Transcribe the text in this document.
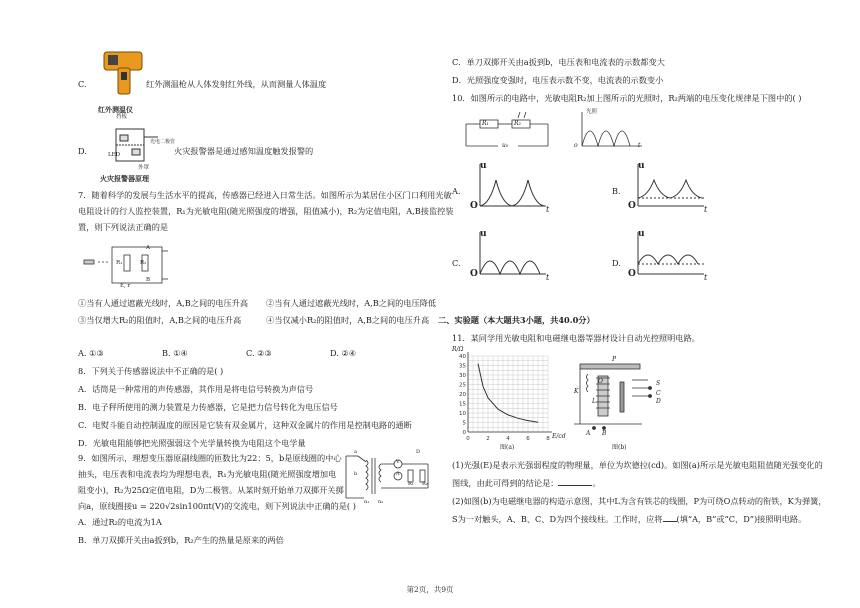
C.
红外测温仪
红外测温枪从人体发射红外线，从而测量人体温度
D.
挡板
LED
光电二极管
外罩
火灾报警器原理
火灾报警器是通过感知温度触发报警的
7．随着科学的发展与生活水平的提高，传感器已经进入日常生活。如图所示为某居住小区门口利用光敏
电阻设计的行人监控装置，R₁为光敏电阻(随光照强度的增强，阻值减小)，R₂为定值电阻，A,B接监控装
置，则下列说法正确的是
A
B
R₁	R₂
E, r
①当有人通过遮蔽光线时，A,B之间的电压升高 ②当有人通过遮蔽光线时，A,B之间的电压降低
③当仅增大R₂的阻值时，A,B之间的电压升高	④当仅减小R₂的阻值时，A,B之间的电压升高
A. ①③	B. ①④	C. ②③	D. ②④
8．下列关于传感器说法中不正确的是( )
A．话筒是一种常用的声传感器，其作用是将电信号转换为声信号
B．电子秤所使用的测力装置是力传感器，它是把力信号转化为电压信号
C．电熨斗能自动控制温度的原因是它装有双金属片，这种双金属片的作用是控制电路的通断
D．光敏电阻能够把光照强弱这个光学量转换为电阻这个电学量
9．如图所示，理想变压器原副线圈的匝数比为22：5，b是原线圈的中心
抽头，电压表和电流表均为理想电表，R₁为光敏电阻(随光照强度增加电
阻变小)，R₂为25Ω定值电阻，D为二极管。从某时刻开始单刀双掷开关掷
向a，原线圈接u = 220√2sin100πt(V)的交流电，则下列说法中正确的是( )
a
b
V
A
R₁ R₂
D
n₁ n₂
A．通过R₂的电流为1A
B．单刀双掷开关由a扳到b，R₂产生的热量是原来的两倍
C．单刀双掷开关由a扳到b，电压表和电流表的示数都变大
D．光照强度变强时，电压表示数不变，电流表的示数变小
10．如图所示的电路中，光敏电阻R₂加上图所示的光照时，R₂两端的电压变化规律是下图中的( )
R₁	R₂
u₀
光照
o	t
A.	B.
C.	D.
u
O	t
u
O	t
u
O	t
u
O	t
二、实验题（本大题共3小题，共40.0分）
11．某同学用光敏电阻和电磁继电器等器材设计自动光控照明电路。
0
5
10
15
20
25
30
35
40
0	2	4	6	8
R/Ω
E/cd
图(a)
K
P
O
L
S
C
D
A B
图(b)
(1)光强(E)是表示光强弱程度的物理量，单位为坎德拉(cd)。如图(a)所示是光敏电阻阻值随光强变化的
图线，由此可得到的结论是：	。
(2)如图(b)为电磁继电器的构造示意图，其中L为含有铁芯的线圈，P为可绕O点转动的衔铁，K为弹簧，
S为一对触头，A、B、C、D为四个接线柱。工作时，应将 (填“A，B”或“C，D”)接照明电路。
第2页，共9页
